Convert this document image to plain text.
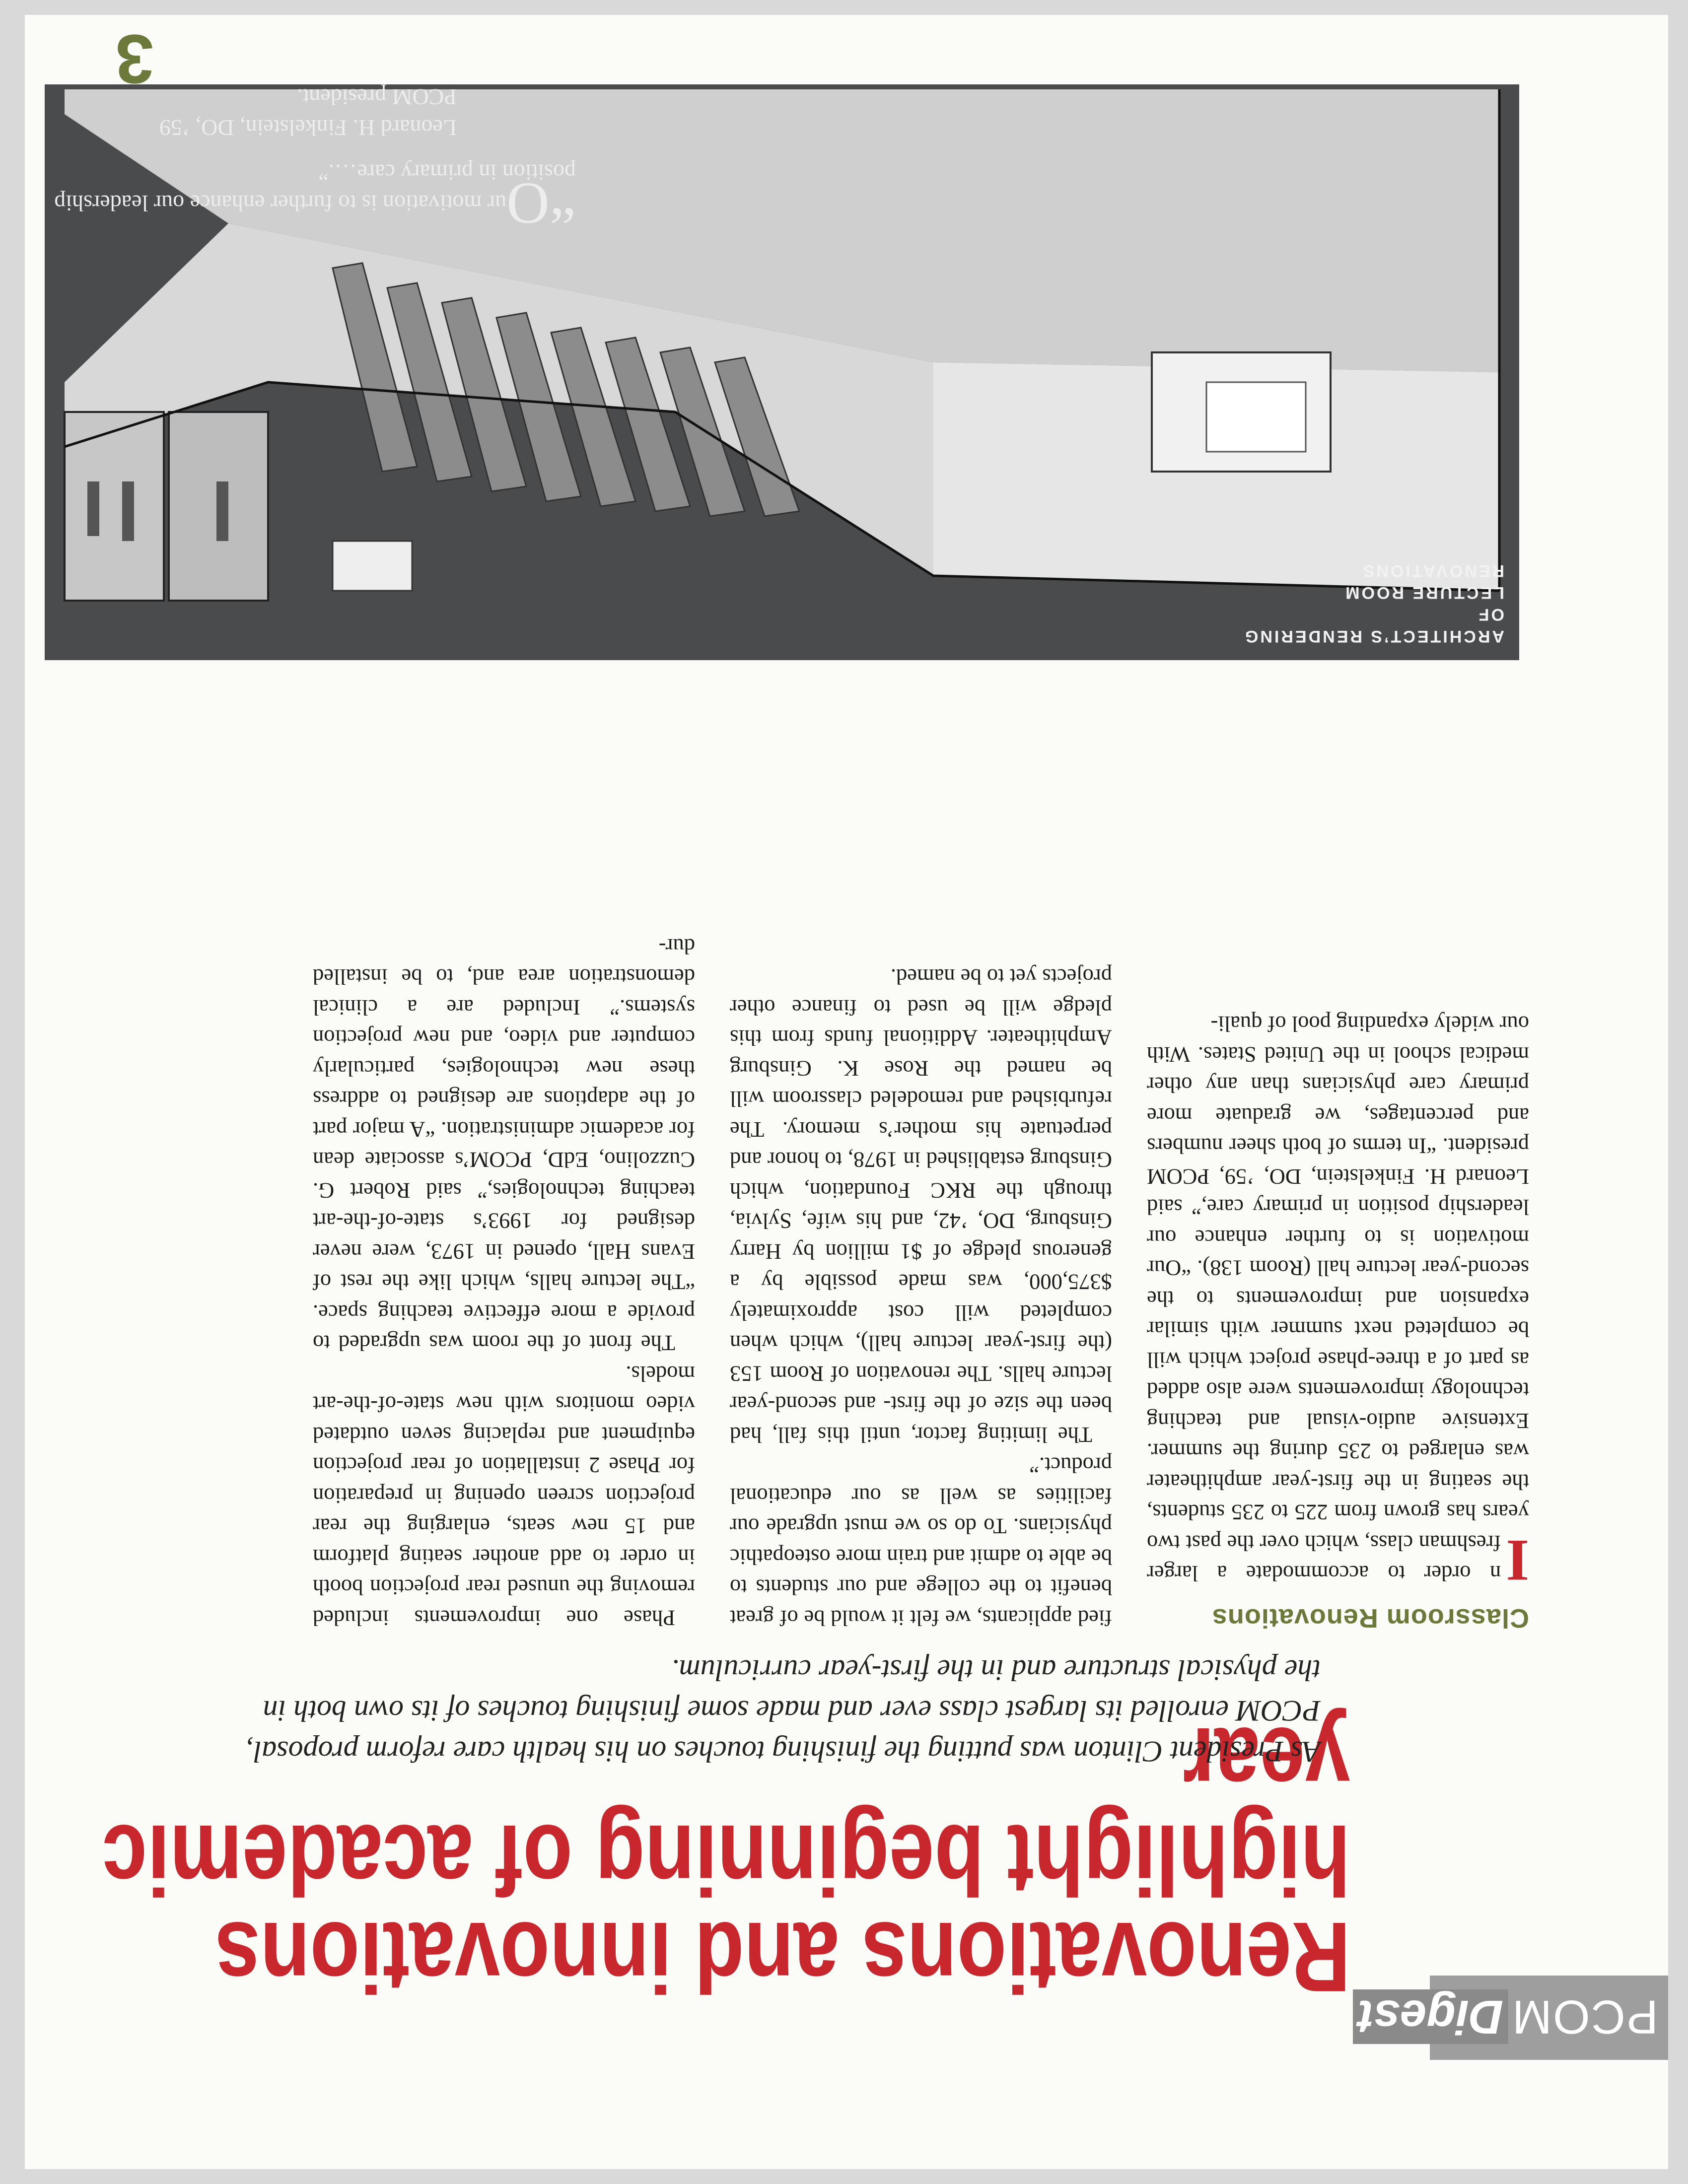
PCOM
Digest
Renovations and innovations highlight beginning of academic year

As President Clinton was putting the finishing touches on his health care reform proposal, PCOM enrolled its largest class ever and made some finishing touches of its own both in the physical structure and in the first-year curriculum.

Classroom Renovations

I
n order to accommodate a larger freshman class, which over the past two years has grown from 225 to 235 students, the seating in the first-year amphitheater was enlarged to 235 during the summer. Extensive audio-visual and teaching technology improvements were also added as part of a three-phase project which will be completed next summer with similar expansion and improvements to the second-year lecture hall (Room 138). “Our motivation is to further enhance our leadership position in primary care,” said Leonard H. Finkelstein, DO, ’59, PCOM president. “In terms of both sheer numbers and percentages, we graduate more primary care physicians than any other medical school in the United States. With our widely expanding pool of quali-

fied applicants, we felt it would be of great benefit to the college and our students to be able to admit and train more osteopathic physicians. To do so we must upgrade our facilities as well as our educational product.”

The limiting factor, until this fall, had been the size of the first- and second-year lecture halls. The renovation of Room 153 (the first-year lecture hall), which when completed will cost approximately $375,000, was made possible by a generous pledge of $1 million by Harry Ginsburg, DO, ’42, and his wife, Sylvia, through the RKC Foundation, which Ginsburg established in 1978, to honor and perpetuate his mother’s memory. The refurbished and remodeled classroom will be named the Rose K. Ginsburg Amphitheater. Additional funds from this pledge will be used to finance other projects yet to be named.

Phase one improvements included removing the unused rear projection booth in order to add another seating platform and 15 new seats, enlarging the rear projection screen opening in preparation for Phase 2 installation of rear projection equipment and replacing seven outdated video monitors with new state-of-the-art models.

The front of the room was upgraded to provide a more effective teaching space. “The lecture halls, which like the rest of Evans Hall, opened in 1973, were never designed for 1993’s state-of-the-art teaching technologies,” said Robert G. Cuzzolino, EdD, PCOM’s associate dean for academic administration. “A major part of the adaptions are designed to address these new technologies, particularly computer and video, and new projection systems.” Included are a clinical demonstration area and, to be installed dur-

ARCHITECT’S RENDERING OF
LECTURE ROOM RENOVATIONS
“Our motivation is to further enhance our leadership position in primary care….”
Leonard H. Finkelstein, DO, ’59
PCOM president.
3
